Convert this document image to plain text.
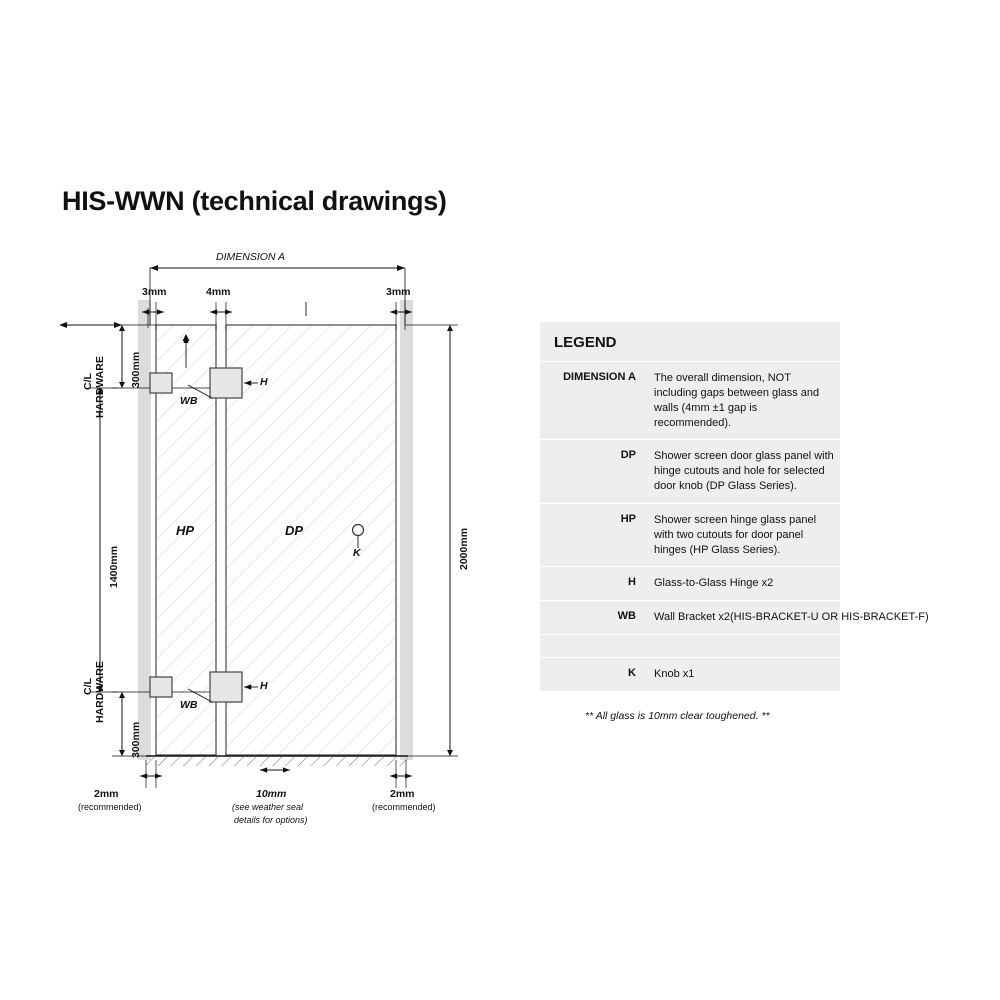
HIS-WWN (technical drawings)
DIMENSION A
3mm	4mm	3mm
C/L HARDWARE 300mm
1400mm
C/L HARDWARE
300mm
2000mm
HP	DP
WB
H
WB
H
K
2mm
(recommended)
10mm
(see weather seal
details for options)
2mm
(recommended)
LEGEND
DIMENSION A	The overall dimension, NOT including gaps between glass and walls (4mm ±1 gap is recommended).
DP	Shower screen door glass panel with hinge cutouts and hole for selected door knob (DP Glass Series).
HP	Shower screen hinge glass panel with two cutouts for door panel hinges (HP Glass Series).
H	Glass-to-Glass Hinge x2
WB	Wall Bracket x2(HIS-BRACKET-U OR HIS-BRACKET-F)
K	Knob x1
** All glass is 10mm clear toughened. **
